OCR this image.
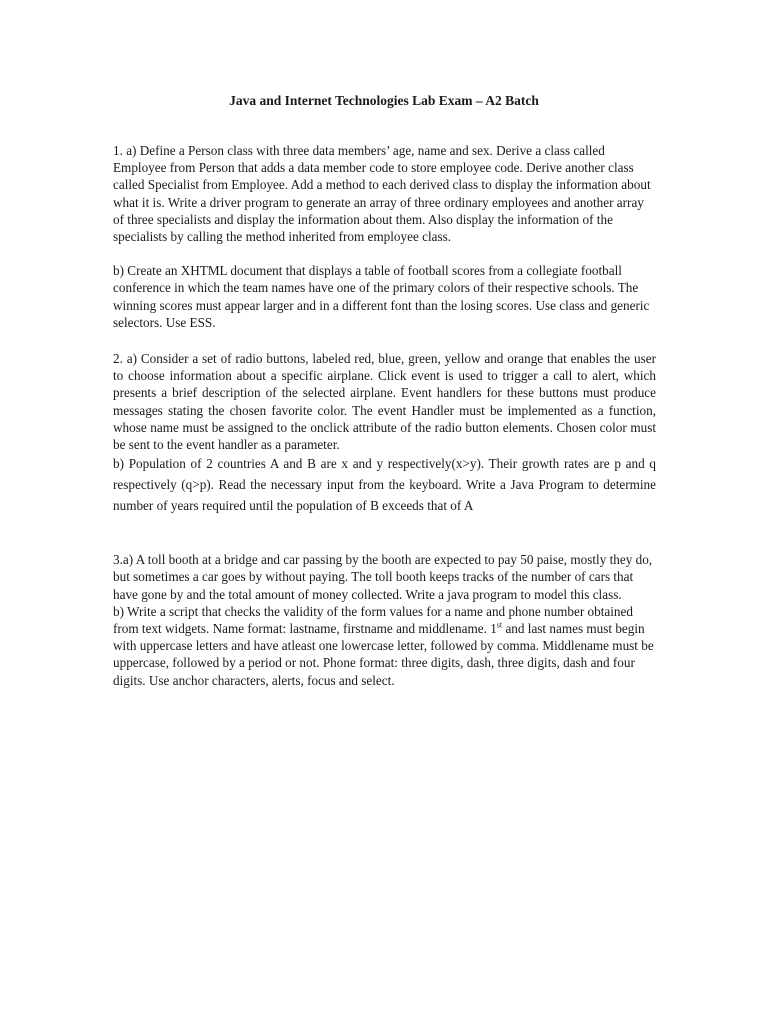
Java and Internet Technologies Lab Exam – A2 Batch

1. a) Define a Person class with three data members’ age, name and sex. Derive a class called Employee from Person that adds a data member code to store employee code. Derive another class called Specialist from Employee. Add a method to each derived class to display the information about what it is. Write a driver program to generate an array of three ordinary employees and another array of three specialists and display the information about them. Also display the information of the specialists by calling the method inherited from employee class.

b) Create an XHTML document that displays a table of football scores from a collegiate football conference in which the team names have one of the primary colors of their respective schools. The winning scores must appear larger and in a different font than the losing scores. Use class and generic selectors. Use ESS.

2. a) Consider a set of radio buttons, labeled red, blue, green, yellow and orange that enables the user to choose information about a specific airplane. Click event is used to trigger a call to alert, which presents a brief description of the selected airplane. Event handlers for these buttons must produce messages stating the chosen favorite color. The event Handler must be implemented as a function, whose name must be assigned to the onclick attribute of the radio button elements. Chosen color must be sent to the event handler as a parameter.

b) Population of 2 countries A and B are x and y respectively(x>y). Their growth rates are p and q respectively (q>p). Read the necessary input from the keyboard. Write a Java Program to determine number of years required until the population of B exceeds that of A

3.a) A toll booth at a bridge and car passing by the booth are expected to pay 50 paise, mostly they do, but sometimes a car goes by without paying. The toll booth keeps tracks of the number of cars that have gone by and the total amount of money collected. Write a java program to model this class.

b) Write a script that checks the validity of the form values for a name and phone number obtained from text widgets. Name format: lastname, firstname and middlename. 1st and last names must begin with uppercase letters and have atleast one lowercase letter, followed by comma. Middlename must be uppercase, followed by a period or not. Phone format: three digits, dash, three digits, dash and four digits. Use anchor characters, alerts, focus and select.
